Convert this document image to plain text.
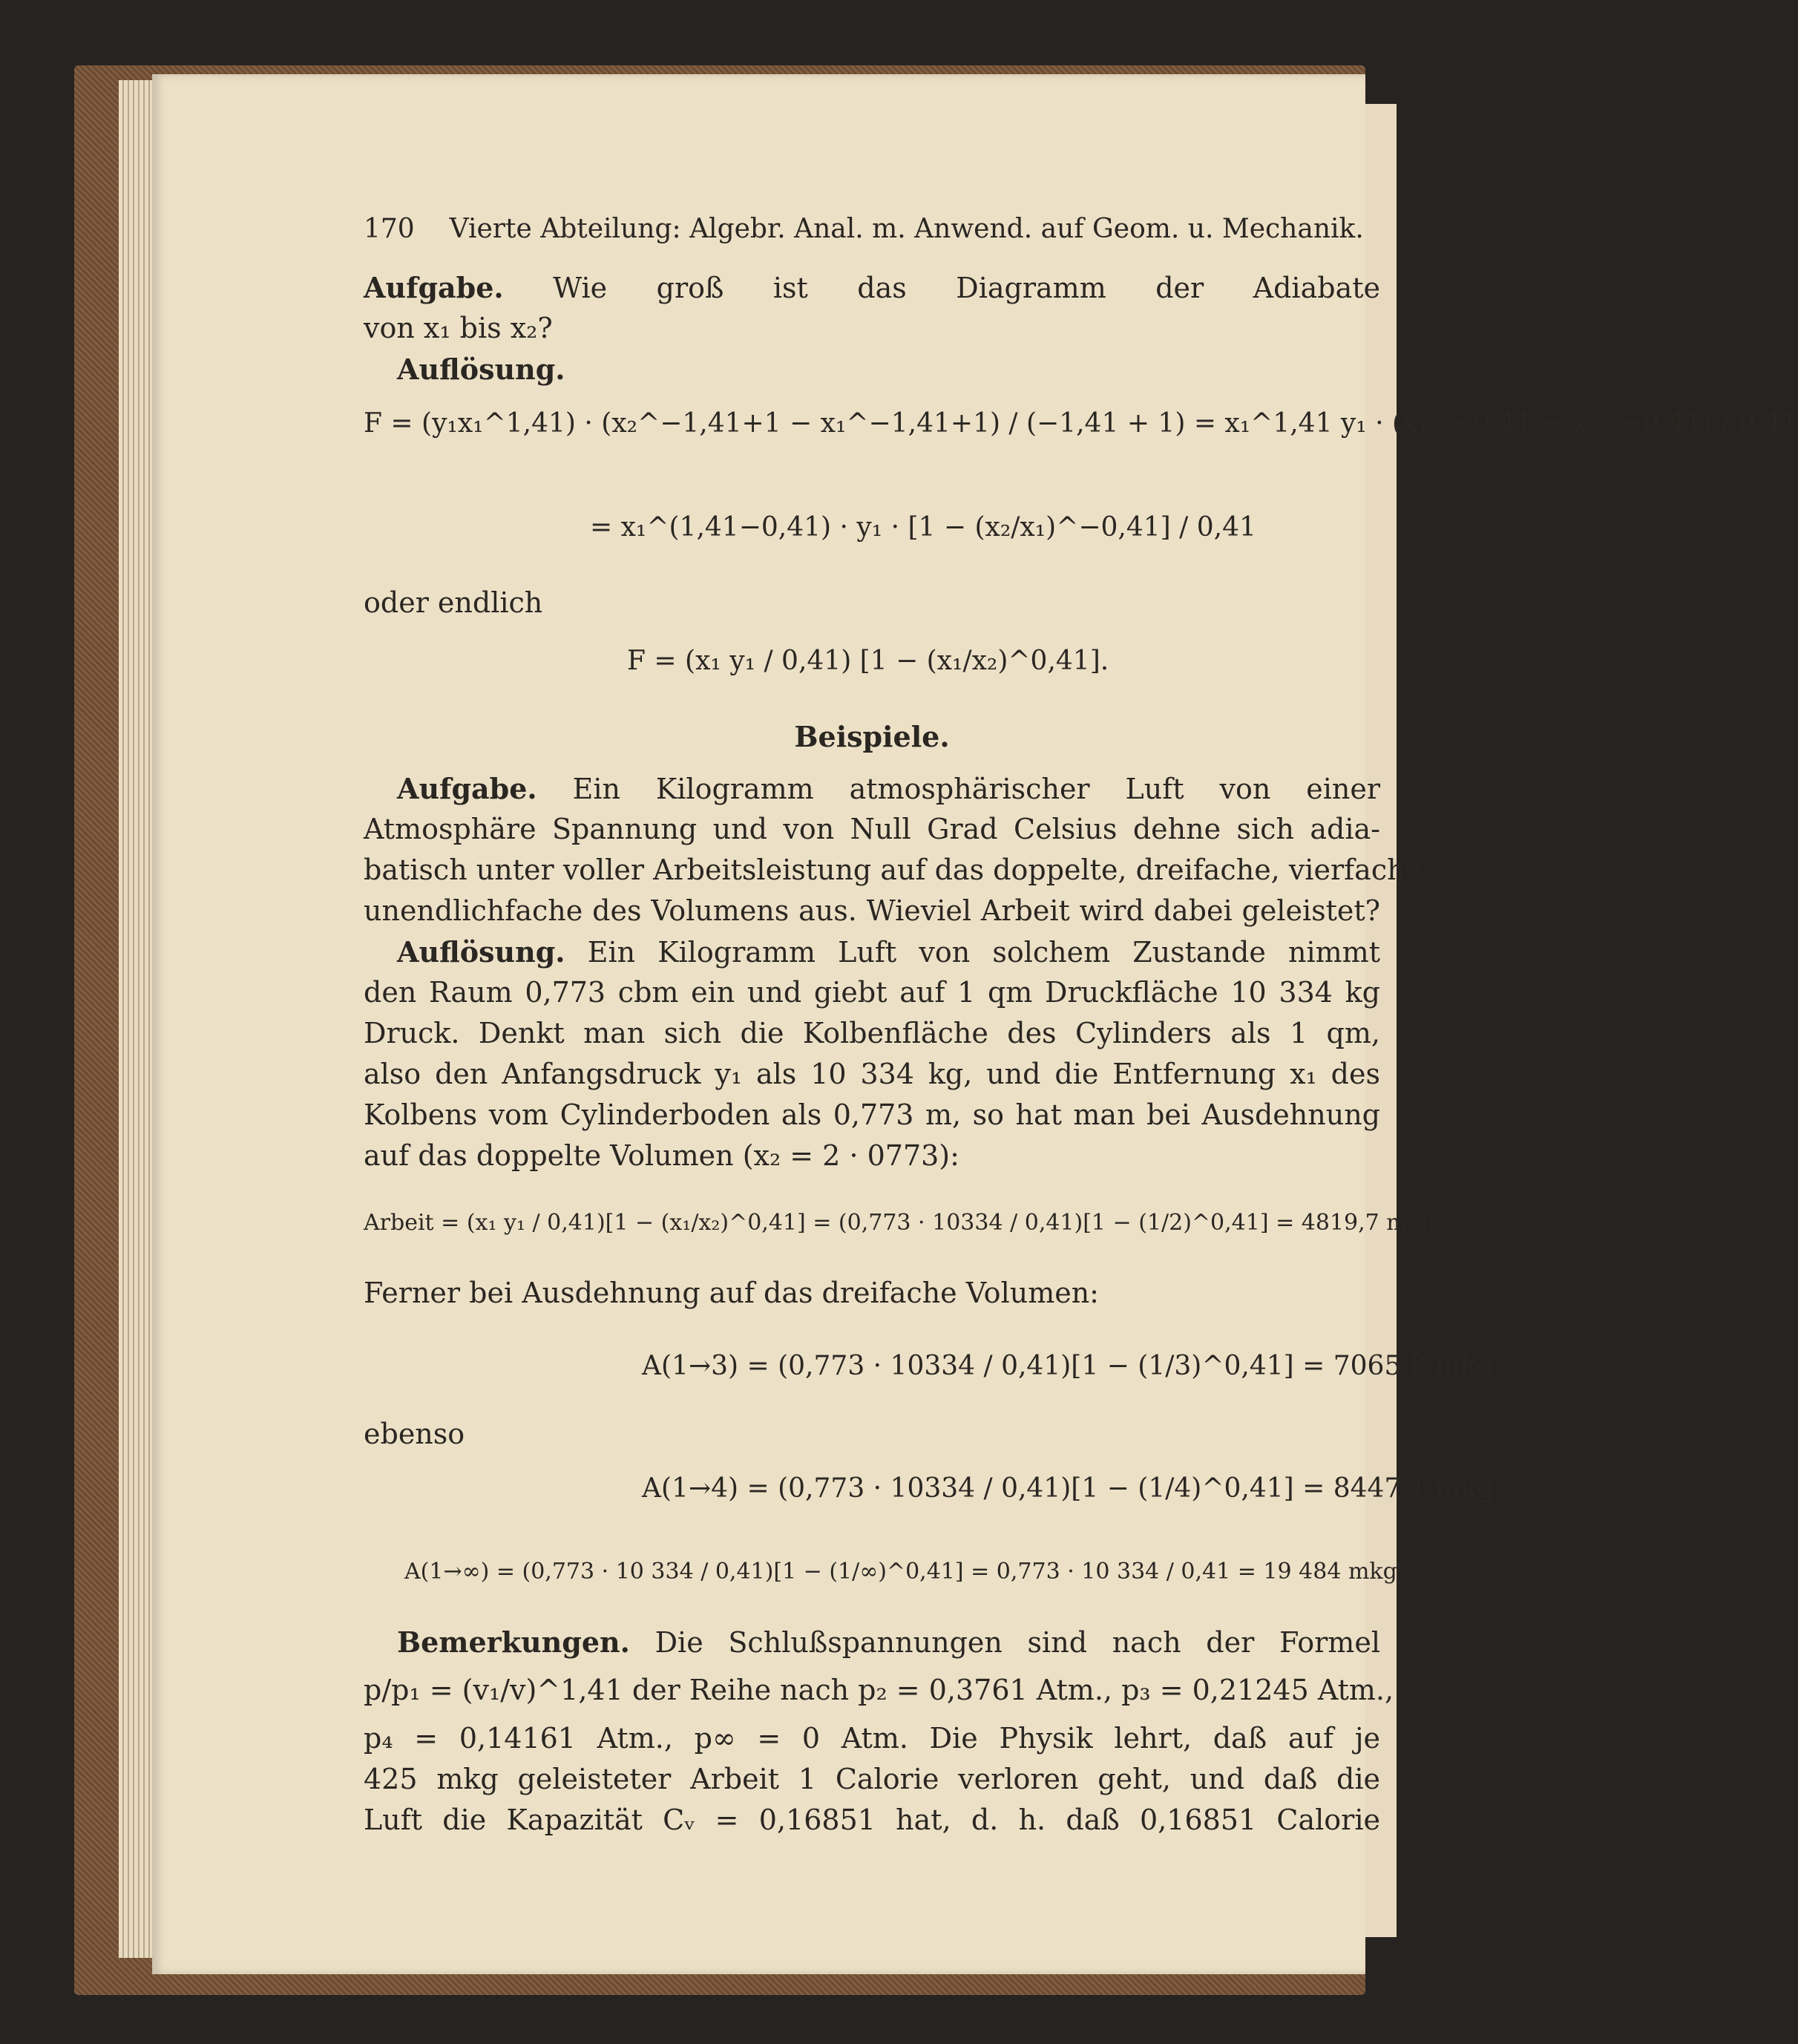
170 Vierte Abteilung: Algebr. Anal. m. Anwend. auf Geom. u. Mechanik.
Aufgabe. Wie groß ist das Diagramm der Adiabate
von x₁ bis x₂?
Auflösung.
F = (y₁x₁^1,41) · (x₂^−1,41+1 − x₁^−1,41+1) / (−1,41 + 1) = x₁^1,41 y₁ · (x₁^−0,41 − x₂^−0,41) / 0,41
= x₁^(1,41−0,41) · y₁ · [1 − (x₂/x₁)^−0,41] / 0,41
oder endlich
F = (x₁ y₁ / 0,41) [1 − (x₁/x₂)^0,41].
Beispiele.
Aufgabe. Ein Kilogramm atmosphärischer Luft von einer
Atmosphäre Spannung und von Null Grad Celsius dehne sich adia-
batisch unter voller Arbeitsleistung auf das doppelte, dreifache, vierfache,
unendlichfache des Volumens aus. Wieviel Arbeit wird dabei geleistet?
Auflösung. Ein Kilogramm Luft von solchem Zustande nimmt
den Raum 0,773 cbm ein und giebt auf 1 qm Druckfläche 10 334 kg
Druck. Denkt man sich die Kolbenfläche des Cylinders als 1 qm,
also den Anfangsdruck y₁ als 10 334 kg, und die Entfernung x₁ des
Kolbens vom Cylinderboden als 0,773 m, so hat man bei Ausdehnung
auf das doppelte Volumen (x₂ = 2 · 0773):
Arbeit = (x₁ y₁ / 0,41)[1 − (x₁/x₂)^0,41] = (0,773 · 10334 / 0,41)[1 − (1/2)^0,41] = 4819,7 mkg.
Ferner bei Ausdehnung auf das dreifache Volumen:
A(1→3) = (0,773 · 10334 / 0,41)[1 − (1/3)^0,41] = 7065,8 mkg;
ebenso
A(1→4) = (0,773 · 10334 / 0,41)[1 − (1/4)^0,41] = 8447,1 mkg;
A(1→∞) = (0,773 · 10 334 / 0,41)[1 − (1/∞)^0,41] = 0,773 · 10 334 / 0,41 = 19 484 mkg.
Bemerkungen. Die Schlußspannungen sind nach der Formel
p/p₁ = (v₁/v)^1,41 der Reihe nach p₂ = 0,3761 Atm., p₃ = 0,21245 Atm.,
p₄ = 0,14161 Atm., p∞ = 0 Atm. Die Physik lehrt, daß auf je
425 mkg geleisteter Arbeit 1 Calorie verloren geht, und daß die
Luft die Kapazität Cᵥ = 0,16851 hat, d. h. daß 0,16851 Calorie
